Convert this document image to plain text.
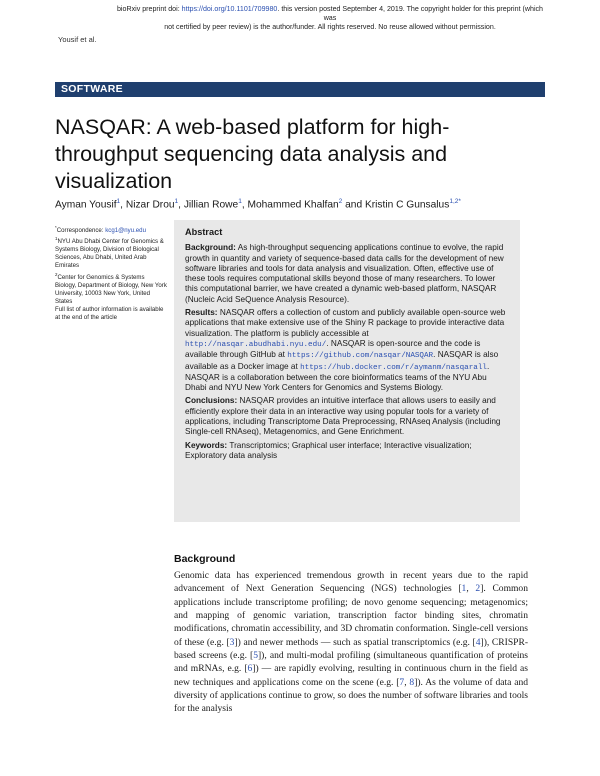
bioRxiv preprint doi: https://doi.org/10.1101/709980. this version posted September 4, 2019. The copyright holder for this preprint (which was
not certified by peer review) is the author/funder. All rights reserved. No reuse allowed without permission.
Yousif et al.
SOFTWARE
NASQAR: A web-based platform for high-throughput sequencing data analysis and visualization
Ayman Yousif$^1$, Nizar Drou$^1$, Jillian Rowe$^1$, Mohammed Khalfan$^2$ and Kristin C Gunsalus$^{1,2*}$
*Correspondence: kcg1@nyu.edu
$^1$NYU Abu Dhabi Center for Genomics & Systems Biology, Division of Biological Sciences, Abu Dhabi, United Arab Emirates
$^2$Center for Genomics & Systems Biology, Department of Biology, New York University, 10003 New York, United States
Full list of author information is available at the end of the article
Abstract

Background: As high-throughput sequencing applications continue to evolve, the rapid growth in quantity and variety of sequence-based data calls for the development of new software libraries and tools for data analysis and visualization. Often, effective use of these tools requires computational skills beyond those of many researchers. To lower this computational barrier, we have created a dynamic web-based platform, NASQAR (Nucleic Acid SeQuence Analysis Resource).

Results: NASQAR offers a collection of custom and publicly available open-source web applications that make extensive use of the Shiny R package to provide interactive data visualization. The platform is publicly accessible at http://nasqar.abudhabi.nyu.edu/. NASQAR is open-source and the code is available through GitHub at https://github.com/nasqar/NASQAR. NASQAR is also available as a Docker image at https://hub.docker.com/r/aymanm/nasqarall. NASQAR is a collaboration between the core bioinformatics teams of the NYU Abu Dhabi and NYU New York Centers for Genomics and Systems Biology.

Conclusions: NASQAR provides an intuitive interface that allows users to easily and efficiently explore their data in an interactive way using popular tools for a variety of applications, including Transcriptome Data Preprocessing, RNAseq Analysis (including Single-cell RNAseq), Metagenomics, and Gene Enrichment.

Keywords: Transcriptomics; Graphical user interface; Interactive visualization; Exploratory data analysis

Background

Genomic data has experienced tremendous growth in recent years due to the rapid advancement of Next Generation Sequencing (NGS) technologies [1, 2]. Common applications include transcriptome profiling; de novo genome sequencing; metagenomics; and mapping of genomic variation, transcription factor binding sites, chromatin modifications, chromatin accessibility, and 3D chromatin conformation. Single-cell versions of these (e.g. [3]) and newer methods — such as spatial transcriptomics (e.g. [4]), CRISPR-based screens (e.g. [5]), and multi-modal profiling (simultaneous quantification of proteins and mRNAs, e.g. [6]) — are rapidly evolving, resulting in continuous churn in the field as new techniques and applications come on the scene (e.g. [7, 8]). As the volume of data and diversity of applications continue to grow, so does the number of software libraries and tools for the analysis
